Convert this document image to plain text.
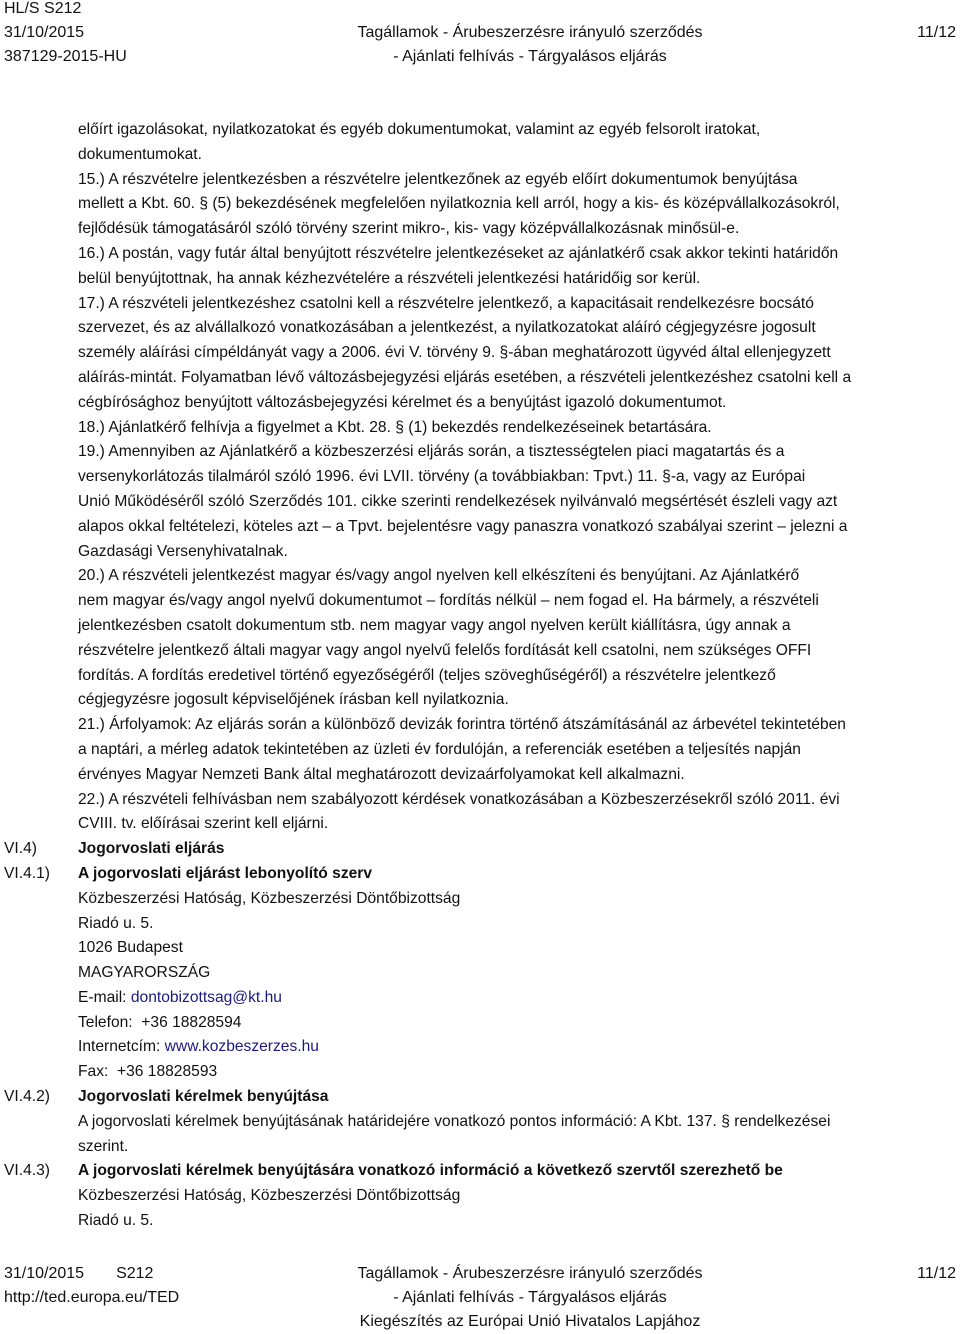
HL/S S212
31/10/2015
387129-2015-HU
Tagállamok - Árubeszerzésre irányuló szerződés
- Ajánlati felhívás - Tárgyalásos eljárás
11/12

előírt igazolásokat, nyilatkozatokat és egyéb dokumentumokat, valamint az egyéb felsorolt iratokat,

dokumentumokat.

15.) A részvételre jelentkezésben a részvételre jelentkezőnek az egyéb előírt dokumentumok benyújtása

mellett a Kbt. 60. § (5) bekezdésének megfelelően nyilatkoznia kell arról, hogy a kis- és középvállalkozásokról,

fejlődésük támogatásáról szóló törvény szerint mikro-, kis- vagy középvállalkozásnak minősül-e.

16.) A postán, vagy futár által benyújtott részvételre jelentkezéseket az ajánlatkérő csak akkor tekinti határidőn

belül benyújtottnak, ha annak kézhezvételére a részvételi jelentkezési határidőig sor kerül.

17.) A részvételi jelentkezéshez csatolni kell a részvételre jelentkező, a kapacitásait rendelkezésre bocsátó

szervezet, és az alvállalkozó vonatkozásában a jelentkezést, a nyilatkozatokat aláíró cégjegyzésre jogosult

személy aláírási címpéldányát vagy a 2006. évi V. törvény 9. §-ában meghatározott ügyvéd által ellenjegyzett

aláírás-mintát. Folyamatban lévő változásbejegyzési eljárás esetében, a részvételi jelentkezéshez csatolni kell a

cégbírósághoz benyújtott változásbejegyzési kérelmet és a benyújtást igazoló dokumentumot.

18.) Ajánlatkérő felhívja a figyelmet a Kbt. 28. § (1) bekezdés rendelkezéseinek betartására.

19.) Amennyiben az Ajánlatkérő a közbeszerzési eljárás során, a tisztességtelen piaci magatartás és a

versenykorlátozás tilalmáról szóló 1996. évi LVII. törvény (a továbbiakban: Tpvt.) 11. §-a, vagy az Európai

Unió Működéséről szóló Szerződés 101. cikke szerinti rendelkezések nyilvánvaló megsértését észleli vagy azt

alapos okkal feltételezi, köteles azt – a Tpvt. bejelentésre vagy panaszra vonatkozó szabályai szerint – jelezni a

Gazdasági Versenyhivatalnak.

20.) A részvételi jelentkezést magyar és/vagy angol nyelven kell elkészíteni és benyújtani. Az Ajánlatkérő

nem magyar és/vagy angol nyelvű dokumentumot – fordítás nélkül – nem fogad el. Ha bármely, a részvételi

jelentkezésben csatolt dokumentum stb. nem magyar vagy angol nyelven került kiállításra, úgy annak a

részvételre jelentkező általi magyar vagy angol nyelvű felelős fordítását kell csatolni, nem szükséges OFFI

fordítás. A fordítás eredetivel történő egyezőségéről (teljes szöveghűségéről) a részvételre jelentkező

cégjegyzésre jogosult képviselőjének írásban kell nyilatkoznia.

21.) Árfolyamok: Az eljárás során a különböző devizák forintra történő átszámításánál az árbevétel tekintetében

a naptári, a mérleg adatok tekintetében az üzleti év fordulóján, a referenciák esetében a teljesítés napján

érvényes Magyar Nemzeti Bank által meghatározott devizaárfolyamokat kell alkalmazni.

22.) A részvételi felhívásban nem szabályozott kérdések vonatkozásában a Közbeszerzésekről szóló 2011. évi

CVIII. tv. előírásai szerint kell eljárni.

VI.4)	Jogorvoslati eljárás

VI.4.1)	A jogorvoslati eljárást lebonyolító szerv

Közbeszerzési Hatóság, Közbeszerzési Döntőbizottság

Riadó u. 5.

1026 Budapest

MAGYARORSZÁG

E-mail: dontobizottsag@kt.hu

Telefon:  +36 18828594

Internetcím: www.kozbeszerzes.hu

Fax:  +36 18828593

VI.4.2)	Jogorvoslati kérelmek benyújtása

A jogorvoslati kérelmek benyújtásának határidejére vonatkozó pontos információ: A Kbt. 137. § rendelkezései

szerint.

VI.4.3)	A jogorvoslati kérelmek benyújtására vonatkozó információ a következő szervtől szerezhető be

Közbeszerzési Hatóság, Közbeszerzési Döntőbizottság

Riadó u. 5.

31/10/2015 S212
http://ted.europa.eu/TED
Tagállamok - Árubeszerzésre irányuló szerződés
- Ajánlati felhívás - Tárgyalásos eljárás
Kiegészítés az Európai Unió Hivatalos Lapjához
11/12
